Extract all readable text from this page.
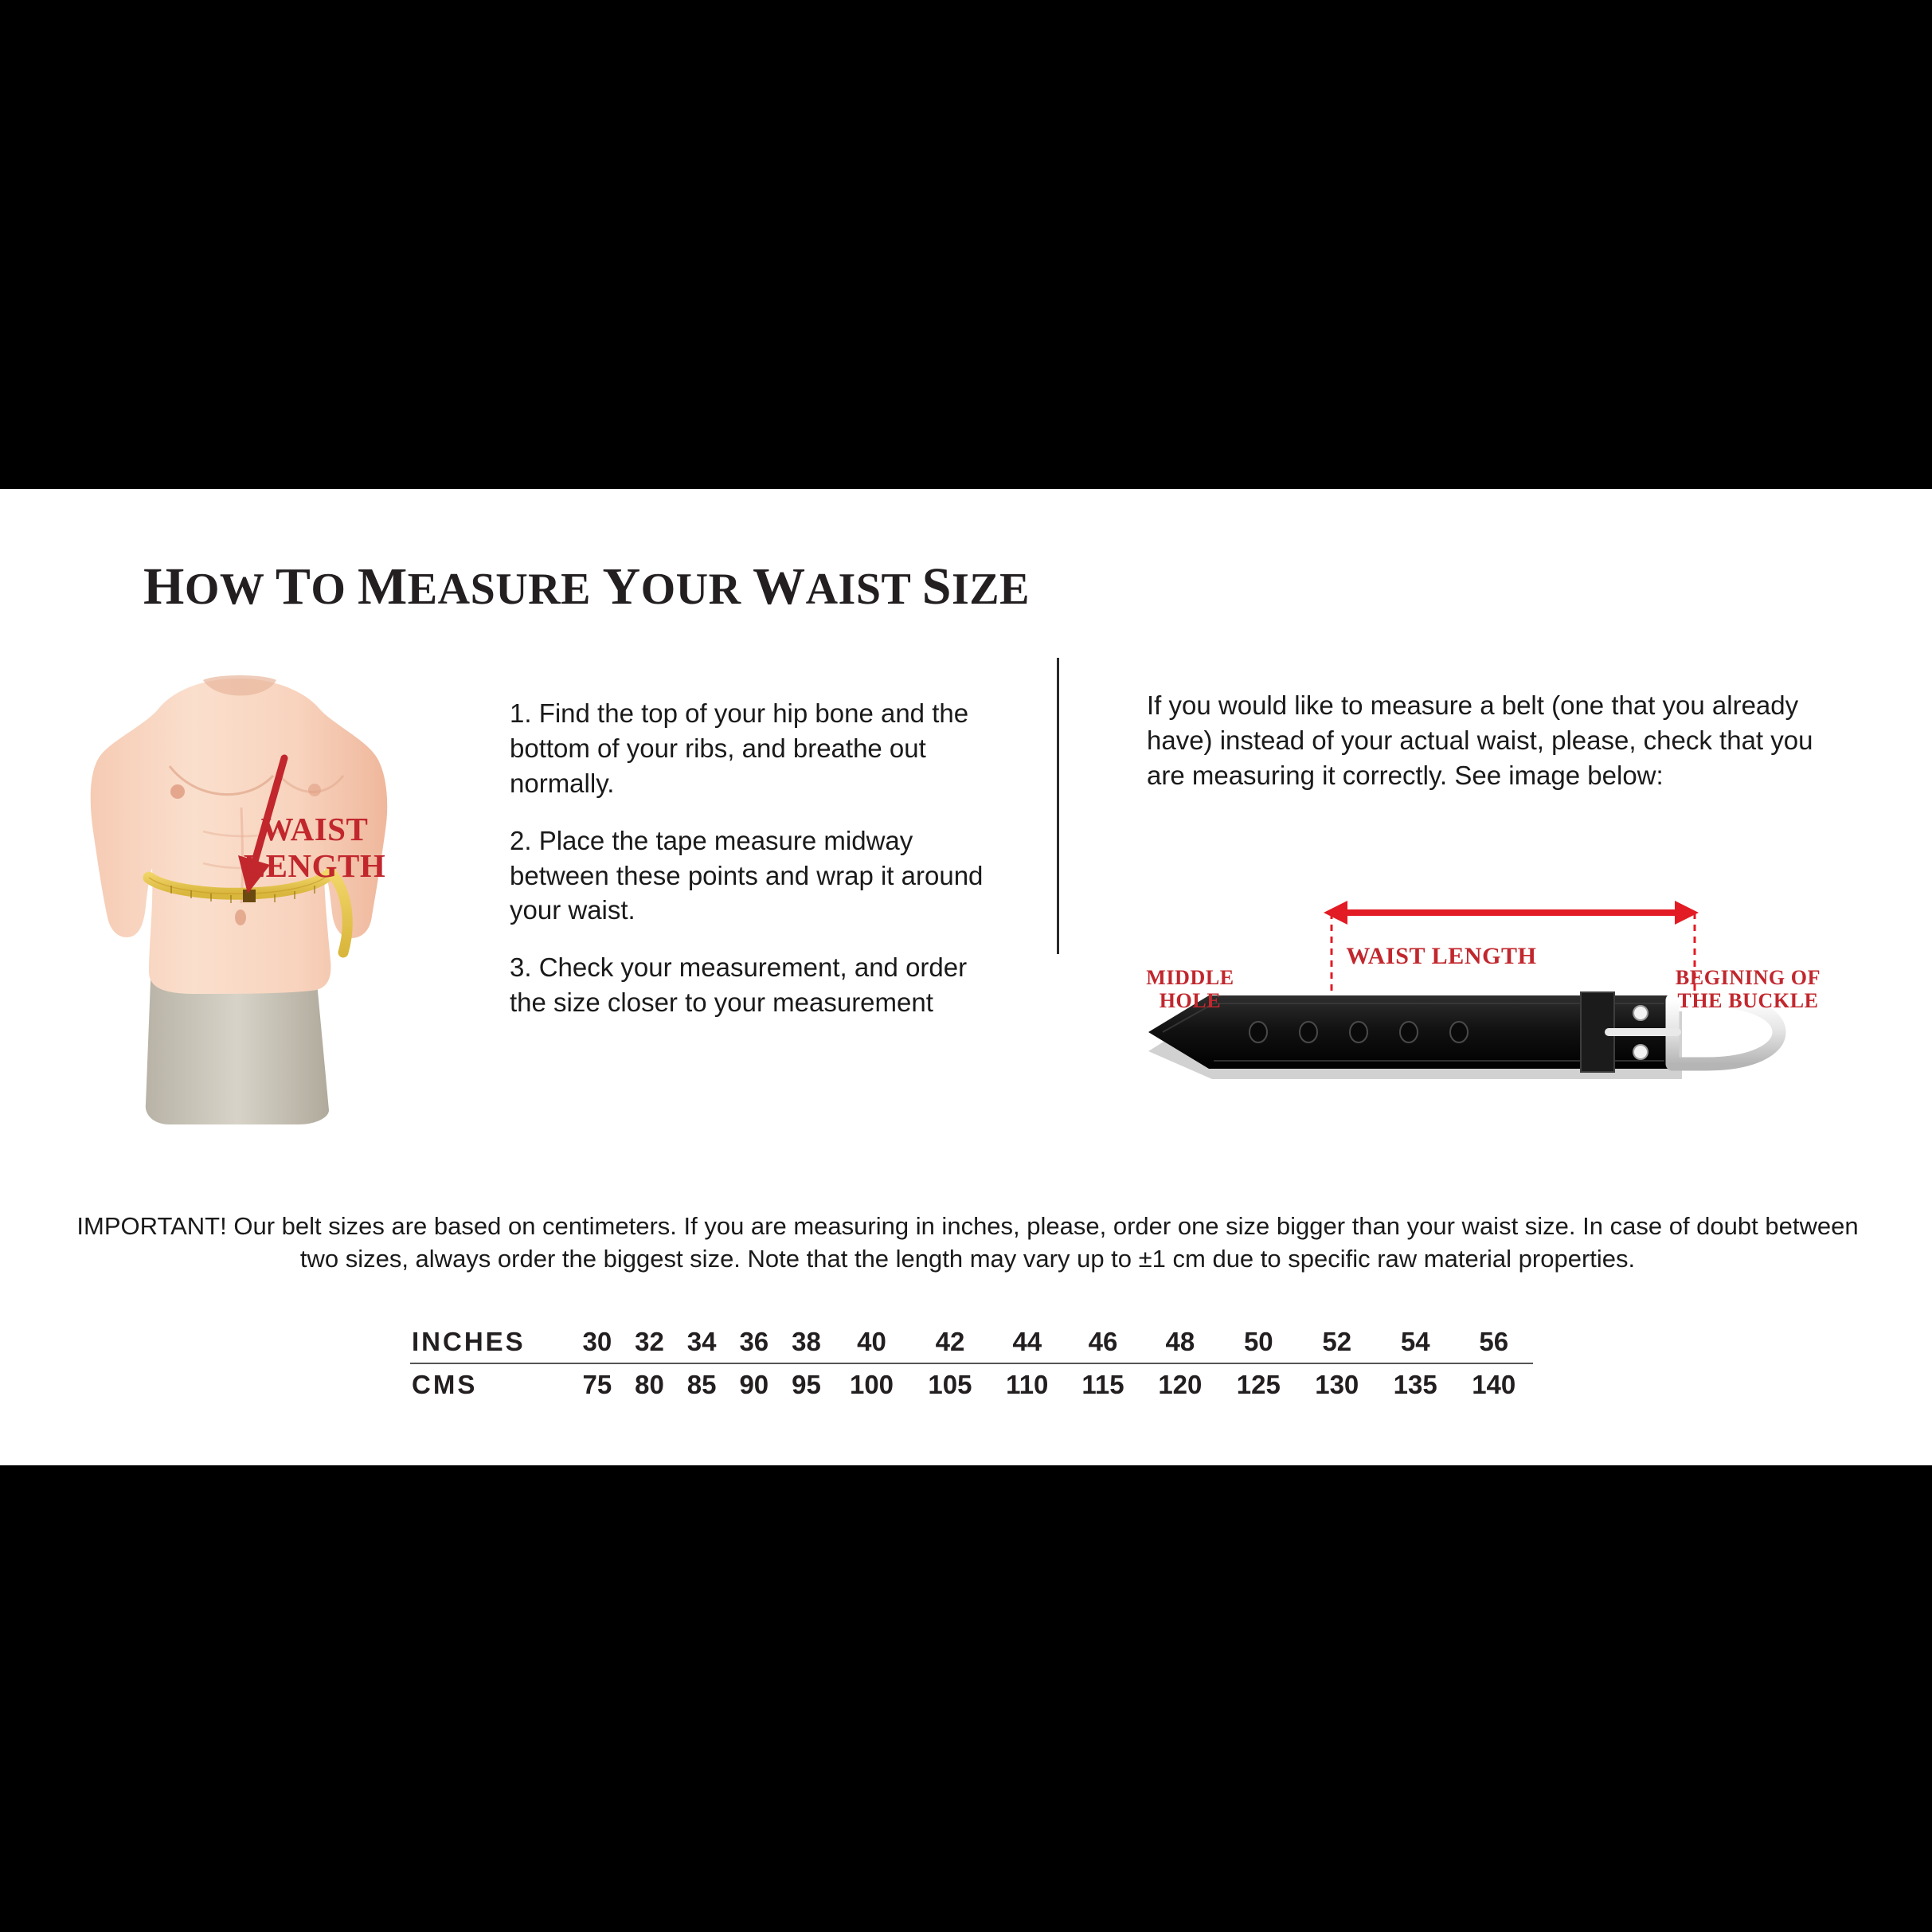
HOW TO MEASURE YOUR WAIST SIZE
WAIST
LENGTH

1. Find the top of your hip bone and the bottom of your ribs, and breathe out normally.

2. Place the tape measure midway between these points and wrap it around your waist.

3. Check your measurement, and order the size closer to your measurement

If you would like to measure a belt (one that you already have) instead of your actual waist, please, check that you are measuring it correctly. See image below:
MIDDLE
HOLE
WAIST LENGTH
BEGINING OF
THE BUCKLE
IMPORTANT! Our belt sizes are based on centimeters. If you are measuring in inches, please, order one size bigger than your waist size. In case of doubt between two sizes, always order the biggest size. Note that the length may vary up to ±1 cm due to specific raw material properties.
INCHES	30	32	34	36	38	40	42	44	46	48	50	52	54	56
CMS	75	80	85	90	95	100	105	110	115	120	125	130	135	140
